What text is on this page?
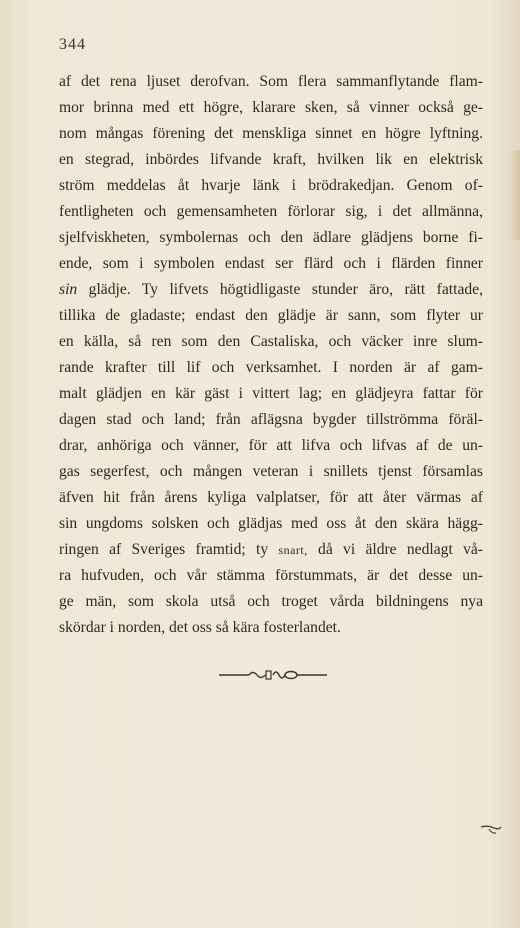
344
af det rena ljuset derofvan. Som flera sammanflytande flam-
mor brinna med ett högre, klarare sken, så vinner också ge-
nom mångas förening det menskliga sinnet en högre lyftning.
en stegrad, inbördes lifvande kraft, hvilken lik en elektrisk
ström meddelas åt hvarje länk i brödrakedjan. Genom of-
fentligheten och gemensamheten förlorar sig, i det allmänna,
sjelfviskheten, symbolernas och den ädlare glädjens borne fi-
ende, som i symbolen endast ser flärd och i flärden finner
sin glädje. Ty lifvets högtidligaste stunder äro, rätt fattade,
tillika de gladaste; endast den glädje är sann, som flyter ur
en källa, så ren som den Castaliska, och väcker inre slum-
rande krafter till lif och verksamhet. I norden är af gam-
malt glädjen en kär gäst i vittert lag; en glädjeyra fattar för
dagen stad och land; från aflägsna bygder tillströmma föräl-
drar, anhöriga och vänner, för att lifva och lifvas af de un-
gas segerfest, och mången veteran i snillets tjenst församlas
äfven hit från årens kyliga valplatser, för att åter värmas af
sin ungdoms solsken och glädjas med oss åt den skära hägg-
ringen af Sveriges framtid; ty snart, då vi äldre nedlagt vå-
ra hufvuden, och vår stämma förstummats, är det desse un-
ge män, som skola utså och troget vårda bildningens nya
skördar i norden, det oss så kära fosterlandet.
